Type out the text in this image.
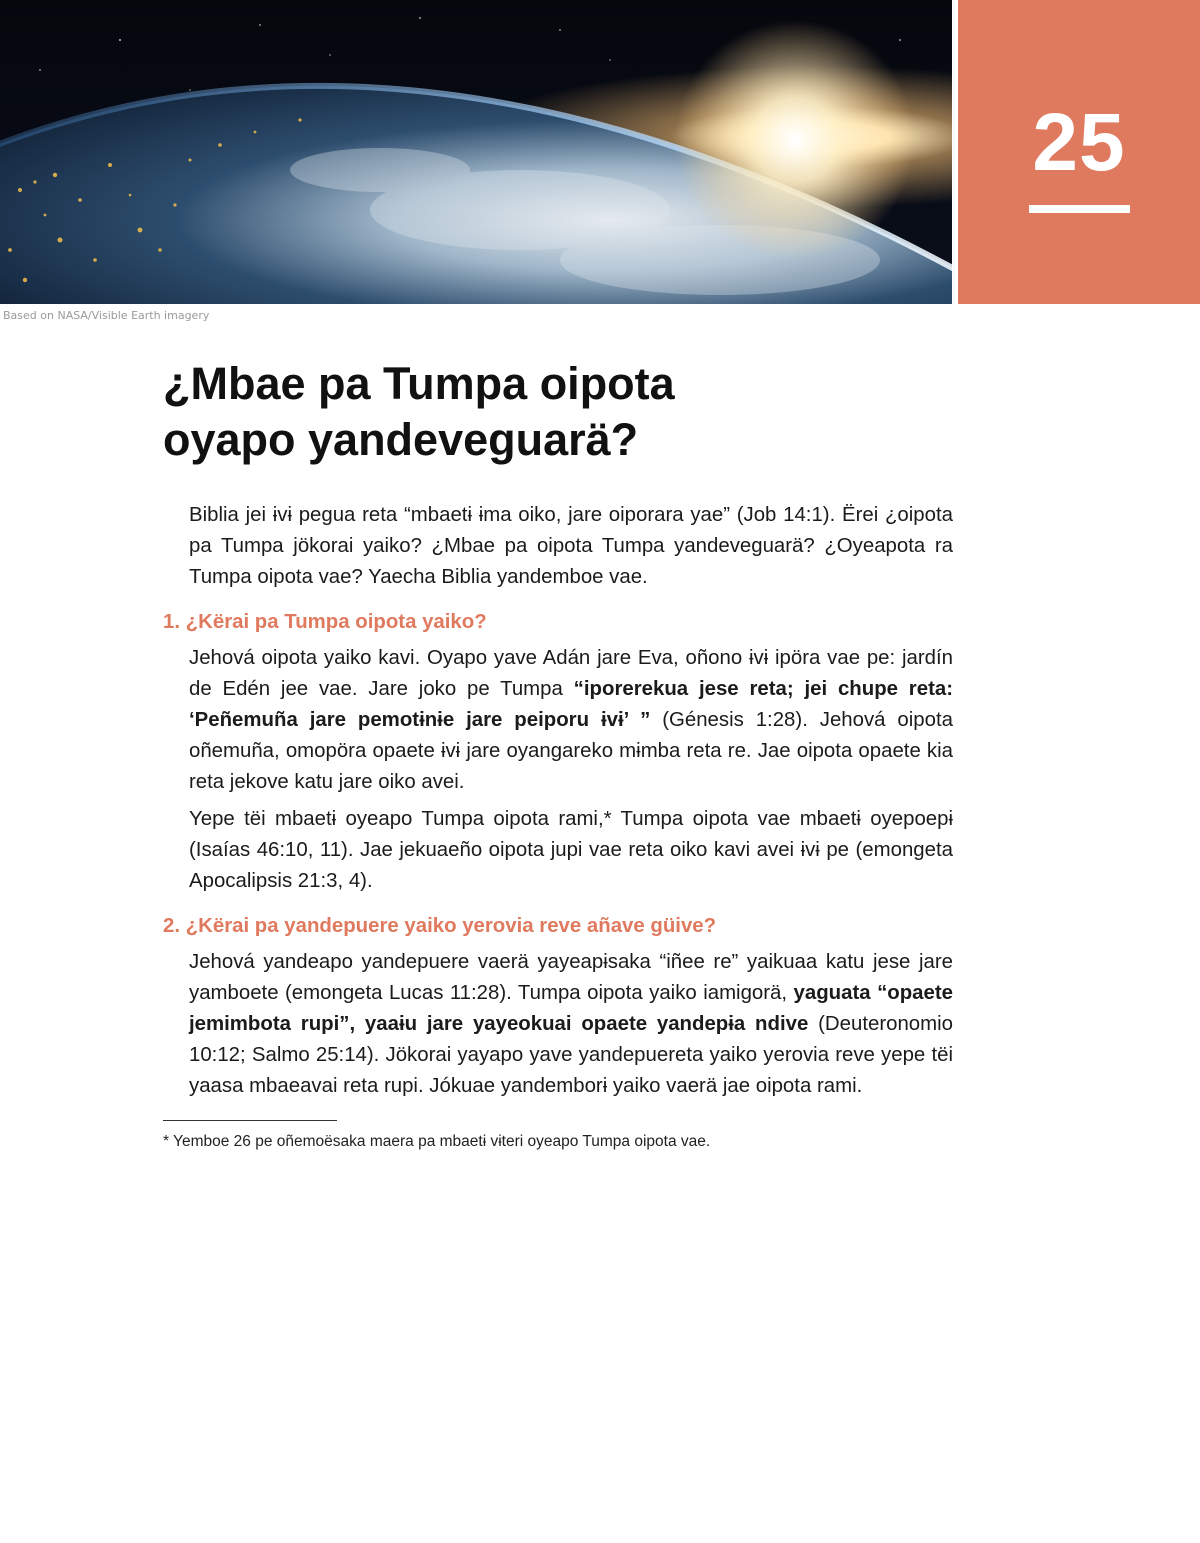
25
Based on NASA/Visible Earth imagery
¿Mbae pa Tumpa oipota
oyapo yandeveguarä?

Biblia jei ɨvɨ pegua reta “mbaetɨ ɨma oiko, jare oiporara yae” (Job 14:1). Ërei ¿oipota pa Tumpa jökorai yaiko? ¿Mbae pa oipota Tumpa yandeveguarä? ¿Oyeapota ra Tumpa oipota vae? Yaecha Biblia yandemboe vae.

1. ¿Kërai pa Tumpa oipota yaiko?

Jehová oipota yaiko kavi. Oyapo yave Adán jare Eva, oñono ɨvɨ ipöra vae pe: jardín de Edén jee vae. Jare joko pe Tumpa “iporerekua jese reta; jei chupe reta: ‘Peñemuña jare pemotɨnɨe jare peiporu ɨvɨ’ ” (Génesis 1:28). Jehová oipota oñemuña, omopöra opaete ɨvɨ jare oyangareko mɨmba reta re. Jae oipota opaete kia reta jekove katu jare oiko avei.

Yepe tëi mbaetɨ oyeapo Tumpa oipota rami,* Tumpa oipota vae mbaetɨ oyepoepɨ (Isaías 46:10, 11). Jae jekuaeño oipota jupi vae reta oiko kavi avei ɨvɨ pe (emongeta Apocalipsis 21:3, 4).

2. ¿Kërai pa yandepuere yaiko yerovia reve añave güive?

Jehová yandeapo yandepuere vaerä yayeapɨsaka “iñee re” yaikuaa katu jese jare yamboete (emongeta Lucas 11:28). Tumpa oipota yaiko iamigorä, yaguata “opaete jemimbota rupi”, yaaɨu jare yayeokuai opaete yandepɨa ndive (Deuteronomio 10:12; Salmo 25:14). Jökorai yayapo yave yandepuereta yaiko yerovia reve yepe tëi yaasa mbaeavai reta rupi. Jókuae yandemborɨ yaiko vaerä jae oipota rami.

* Yemboe 26 pe oñemoësaka maera pa mbaetɨ vɨteri oyeapo Tumpa oipota vae.
